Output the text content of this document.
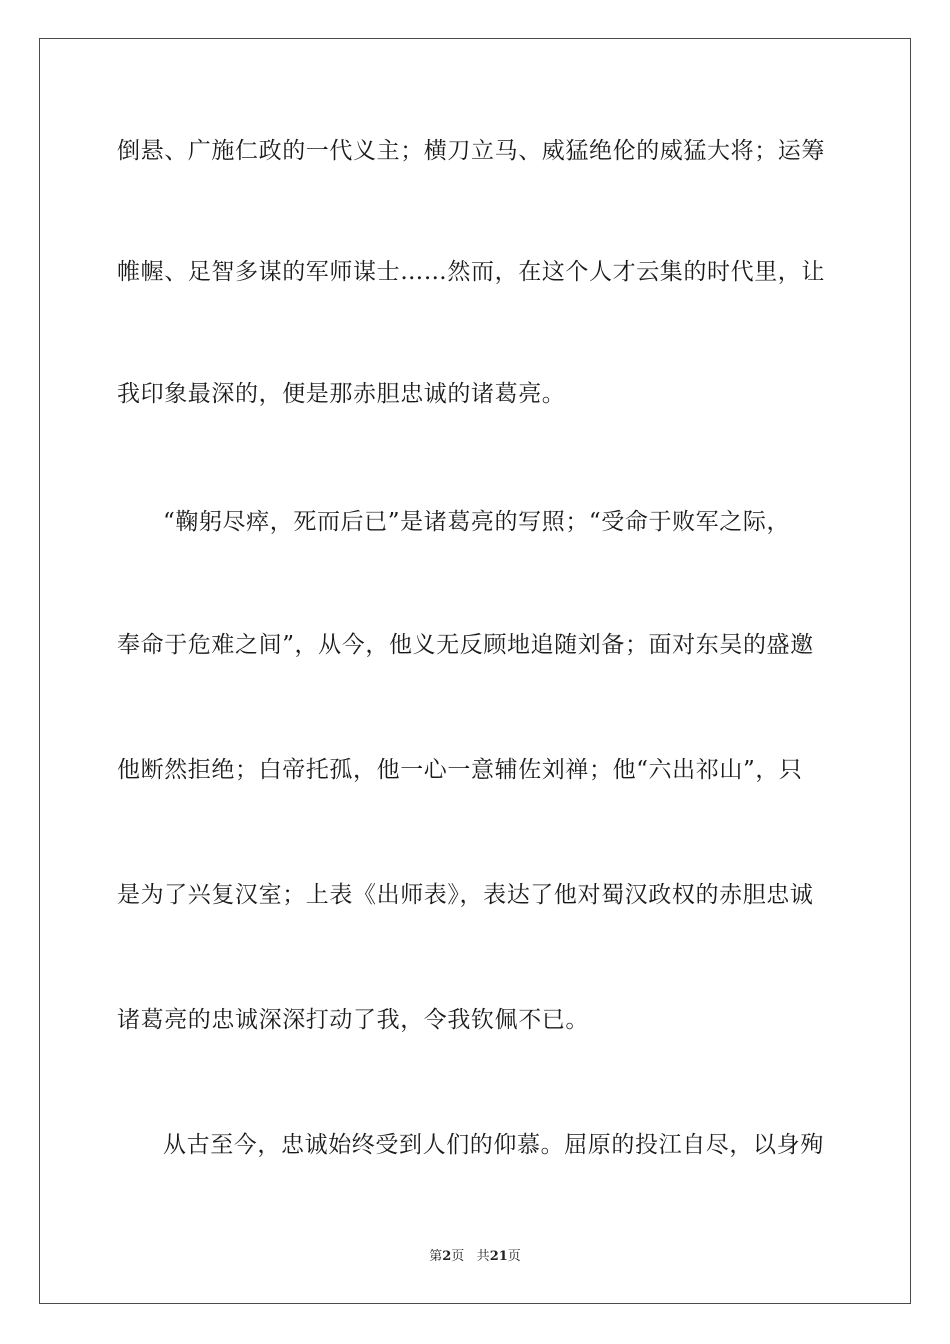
倒悬、广施仁政的一代义主；横刀立马、威猛绝伦的威猛大将；运筹
帷幄、足智多谋的军师谋士……然而，在这个人才云集的时代里，让
我印象最深的，便是那赤胆忠诚的诸葛亮。
“鞠躬尽瘁，死而后已”是诸葛亮的写照；“受命于败军之际，
奉命于危难之间”，从今，他义无反顾地追随刘备；面对东吴的盛邀
他断然拒绝；白帝托孤，他一心一意辅佐刘禅；他“六出祁山”，只
是为了兴复汉室；上表《出师表》，表达了他对蜀汉政权的赤胆忠诚
诸葛亮的忠诚深深打动了我，令我钦佩不已。
从古至今，忠诚始终受到人们的仰慕。屈原的投江自尽，以身殉
第2页 共21页
